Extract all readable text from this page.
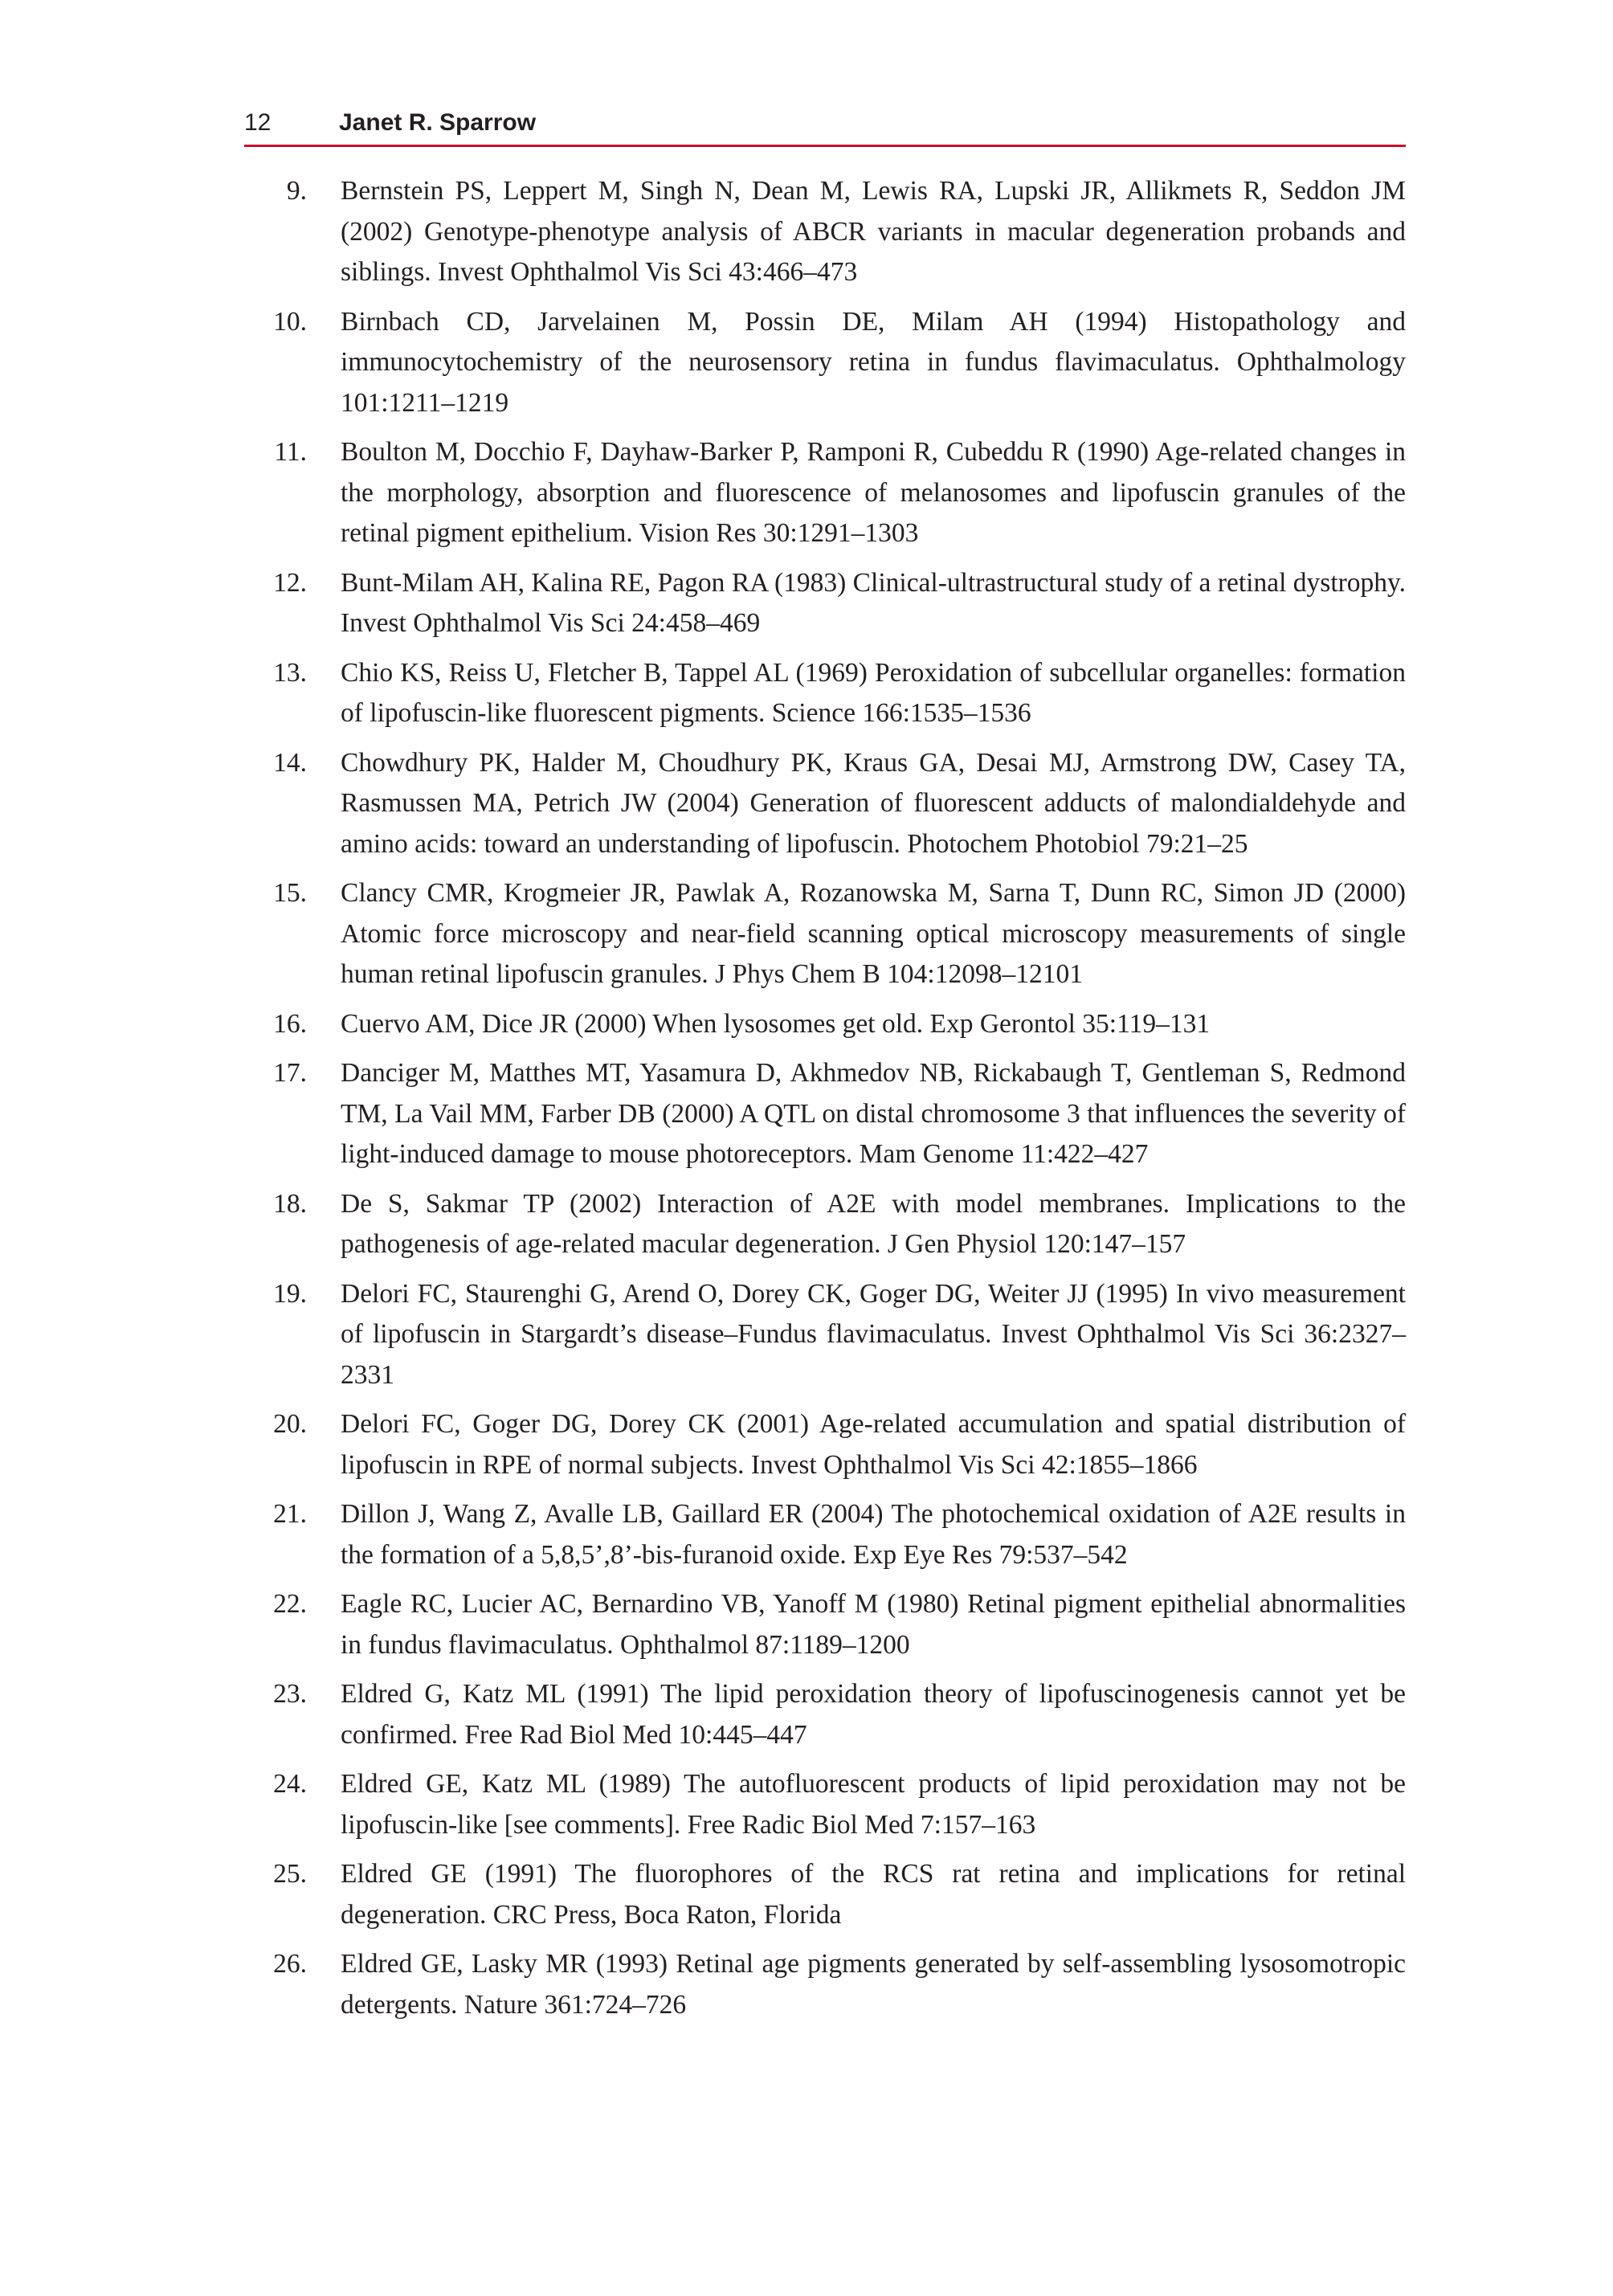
12	Janet R. Sparrow
9.	Bernstein PS, Leppert M, Singh N, Dean M, Lewis RA, Lupski JR, Allikmets R, Seddon JM (2002) Genotype-phenotype analysis of ABCR variants in macular degeneration probands and siblings. Invest Ophthalmol Vis Sci 43:466–473
10.	Birnbach CD, Jarvelainen M, Possin DE, Milam AH (1994) Histopathology and immunocytochemistry of the neurosensory retina in fundus flavimaculatus. Ophthalmology 101:1211–1219
11.	Boulton M, Docchio F, Dayhaw-Barker P, Ramponi R, Cubeddu R (1990) Age-related changes in the morphology, absorption and fluorescence of melanosomes and lipofuscin granules of the retinal pigment epithelium. Vision Res 30:1291–1303
12.	Bunt-Milam AH, Kalina RE, Pagon RA (1983) Clinical-ultrastructural study of a retinal dystrophy. Invest Ophthalmol Vis Sci 24:458–469
13.	Chio KS, Reiss U, Fletcher B, Tappel AL (1969) Peroxidation of subcellular organelles: formation of lipofuscin-like fluorescent pigments. Science 166:1535–1536
14.	Chowdhury PK, Halder M, Choudhury PK, Kraus GA, Desai MJ, Armstrong DW, Casey TA, Rasmussen MA, Petrich JW (2004) Generation of fluorescent adducts of malondialdehyde and amino acids: toward an understanding of lipofuscin. Photochem Photobiol 79:21–25
15.	Clancy CMR, Krogmeier JR, Pawlak A, Rozanowska M, Sarna T, Dunn RC, Simon JD (2000) Atomic force microscopy and near-field scanning optical microscopy measurements of single human retinal lipofuscin granules. J Phys Chem B 104:12098–12101
16.	Cuervo AM, Dice JR (2000) When lysosomes get old. Exp Gerontol 35:119–131
17.	Danciger M, Matthes MT, Yasamura D, Akhmedov NB, Rickabaugh T, Gentleman S, Redmond TM, La Vail MM, Farber DB (2000) A QTL on distal chromosome 3 that influences the severity of light-induced damage to mouse photoreceptors. Mam Genome 11:422–427
18.	De S, Sakmar TP (2002) Interaction of A2E with model membranes. Implications to the pathogenesis of age-related macular degeneration. J Gen Physiol 120:147–157
19.	Delori FC, Staurenghi G, Arend O, Dorey CK, Goger DG, Weiter JJ (1995) In vivo measurement of lipofuscin in Stargardt’s disease–Fundus flavimaculatus. Invest Ophthalmol Vis Sci 36:2327–2331
20.	Delori FC, Goger DG, Dorey CK (2001) Age-related accumulation and spatial distribution of lipofuscin in RPE of normal subjects. Invest Ophthalmol Vis Sci 42:1855–1866
21.	Dillon J, Wang Z, Avalle LB, Gaillard ER (2004) The photochemical oxidation of A2E results in the formation of a 5,8,5’,8’-bis-furanoid oxide. Exp Eye Res 79:537–542
22.	Eagle RC, Lucier AC, Bernardino VB, Yanoff M (1980) Retinal pigment epithelial abnormalities in fundus flavimaculatus. Ophthalmol 87:1189–1200
23.	Eldred G, Katz ML (1991) The lipid peroxidation theory of lipofuscinogenesis cannot yet be confirmed. Free Rad Biol Med 10:445–447
24.	Eldred GE, Katz ML (1989) The autofluorescent products of lipid peroxidation may not be lipofuscin-like [see comments]. Free Radic Biol Med 7:157–163
25.	Eldred GE (1991) The fluorophores of the RCS rat retina and implications for retinal degeneration. CRC Press, Boca Raton, Florida
26.	Eldred GE, Lasky MR (1993) Retinal age pigments generated by self-assembling lysosomotropic detergents. Nature 361:724–726
